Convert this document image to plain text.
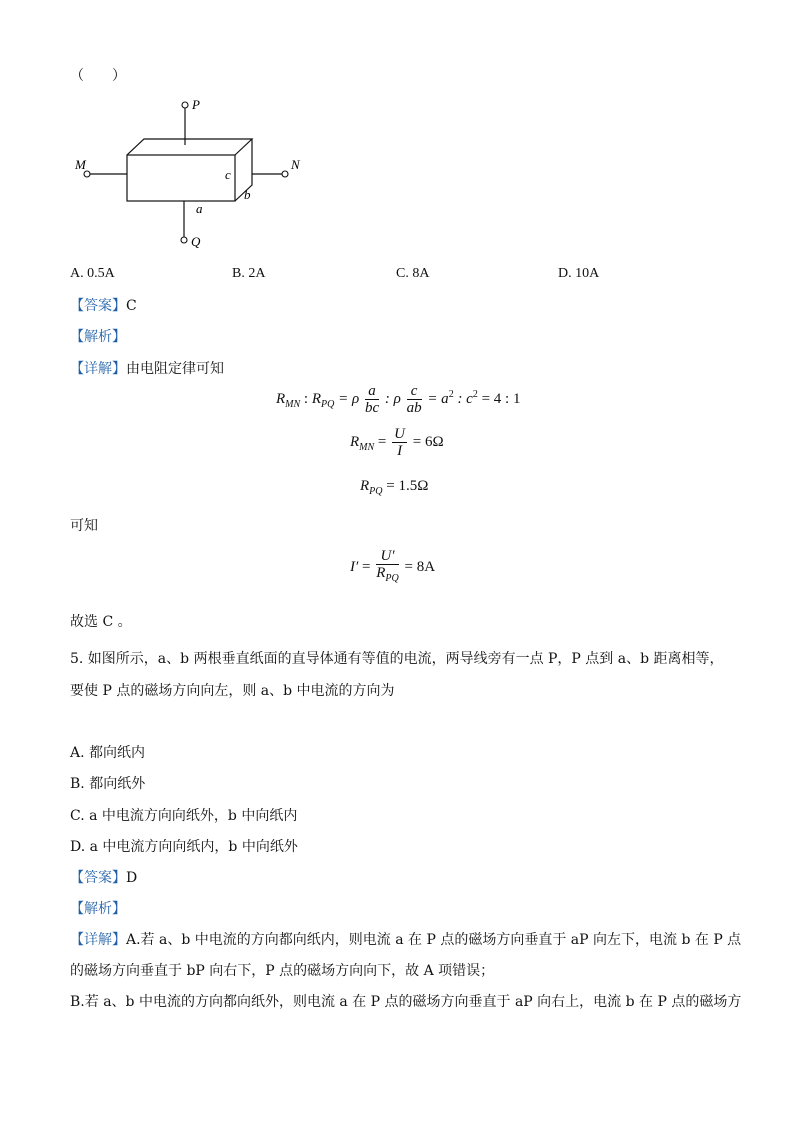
（　　）
P
Q
M	N
a
b
c
A. 0.5A	B. 2A	C. 8A	D. 10A
【答案】C
【解析】
【详解】由电阻定律可知
$R_{MN}$ : $R_{PQ} = \rho \frac{a}{bc}$ : ρ $\frac{c}{ab} = a^2$ : $c^2 = 4$ : 1
$R_{MN} = \frac{U}{I} = 6\Omega$
$R_{PQ} = 1.5\Omega$
可知
$I' = \frac{U'}{R_{PQ}} = 8A$
故选 C 。
5. 如图所示，a、b 两根垂直纸面的直导体通有等值的电流，两导线旁有一点 P，P 点到 a、b 距离相等，
要使 P 点的磁场方向向左，则 a、b 中电流的方向为
A. 都向纸内
B. 都向纸外
C. a 中电流方向向纸外，b 中向纸内
D. a 中电流方向向纸内，b 中向纸外
【答案】D
【解析】
【详解】A.若 a、b 中电流的方向都向纸内，则电流 a 在 P 点的磁场方向垂直于 aP 向左下，电流 b 在 P 点
的磁场方向垂直于 bP 向右下，P 点的磁场方向向下，故 A 项错误；
B.若 a、b 中电流的方向都向纸外，则电流 a 在 P 点的磁场方向垂直于 aP 向右上，电流 b 在 P 点的磁场方
